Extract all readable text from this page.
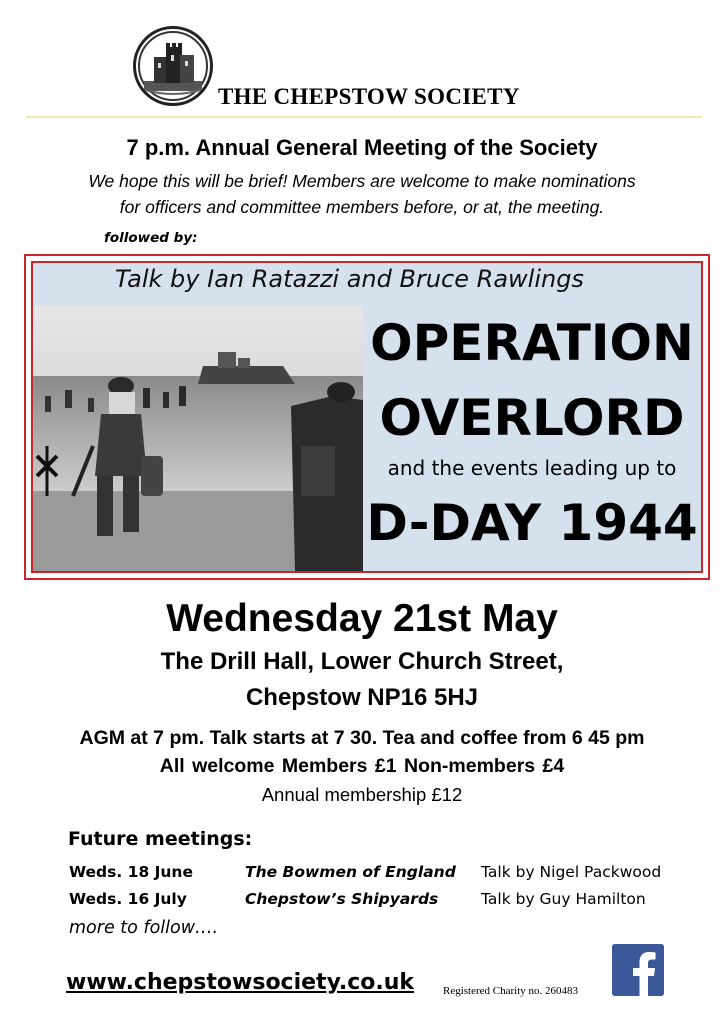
THE CHEPSTOW SOCIETY
7 p.m. Annual General Meeting of the Society
We hope this will be brief! Members are welcome to make nominations
for officers and committee members before, or at, the meeting.
followed by:
Talk by Ian Ratazzi and Bruce Rawlings
OPERATION
OVERLORD
and the events leading up to
D-DAY 1944
Wednesday 21st May
The Drill Hall, Lower Church Street,
Chepstow NP16 5HJ
AGM at 7 pm. Talk starts at 7 30. Tea and coffee from 6 45 pm
All welcome Members £1 Non-members £4
Annual membership £12
Future meetings:
Weds. 18 June	The Bowmen of England Talk by Nigel Packwood
Weds. 16 July	Chepstow’s Shipyards	Talk by Guy Hamilton
more to follow….
www.chepstowsociety.co.uk	Registered Charity no. 260483
